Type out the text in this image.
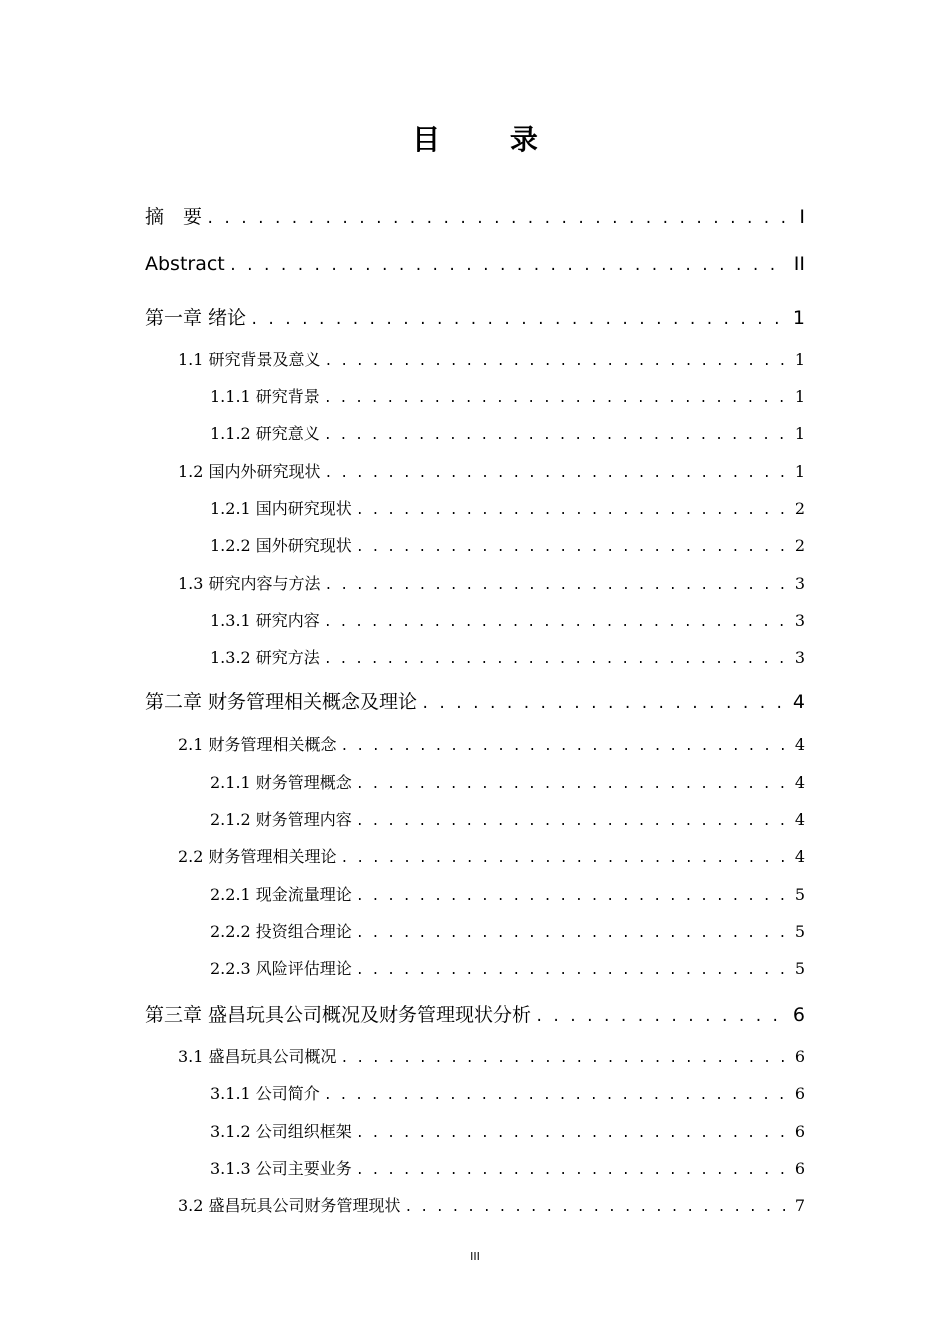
目 录
摘　要 . . .	I
Abstract . . .	II
第一章 绪论 . . .	1
1.1 研究背景及意义 . . .	1
1.1.1 研究背景 . . .	1
1.1.2 研究意义 . . .	1
1.2 国内外研究现状 . . .	1
1.2.1 国内研究现状 . . .	2
1.2.2 国外研究现状 . . .	2
1.3 研究内容与方法 . . .	3
1.3.1 研究内容 . . .	3
1.3.2 研究方法 . . .	3
第二章 财务管理相关概念及理论 . . .	4
2.1 财务管理相关概念 . . .	4
2.1.1 财务管理概念 . . .	4
2.1.2 财务管理内容 . . .	4
2.2 财务管理相关理论 . . .	4
2.2.1 现金流量理论 . . .	5
2.2.2 投资组合理论 . . .	5
2.2.3 风险评估理论 . . .	5
第三章 盛昌玩具公司概况及财务管理现状分析 . . .	6
3.1 盛昌玩具公司概况 . . .	6
3.1.1 公司简介 . . .	6
3.1.2 公司组织框架 . . .	6
3.1.3 公司主要业务 . . .	6
3.2 盛昌玩具公司财务管理现状 . . .	7
III
